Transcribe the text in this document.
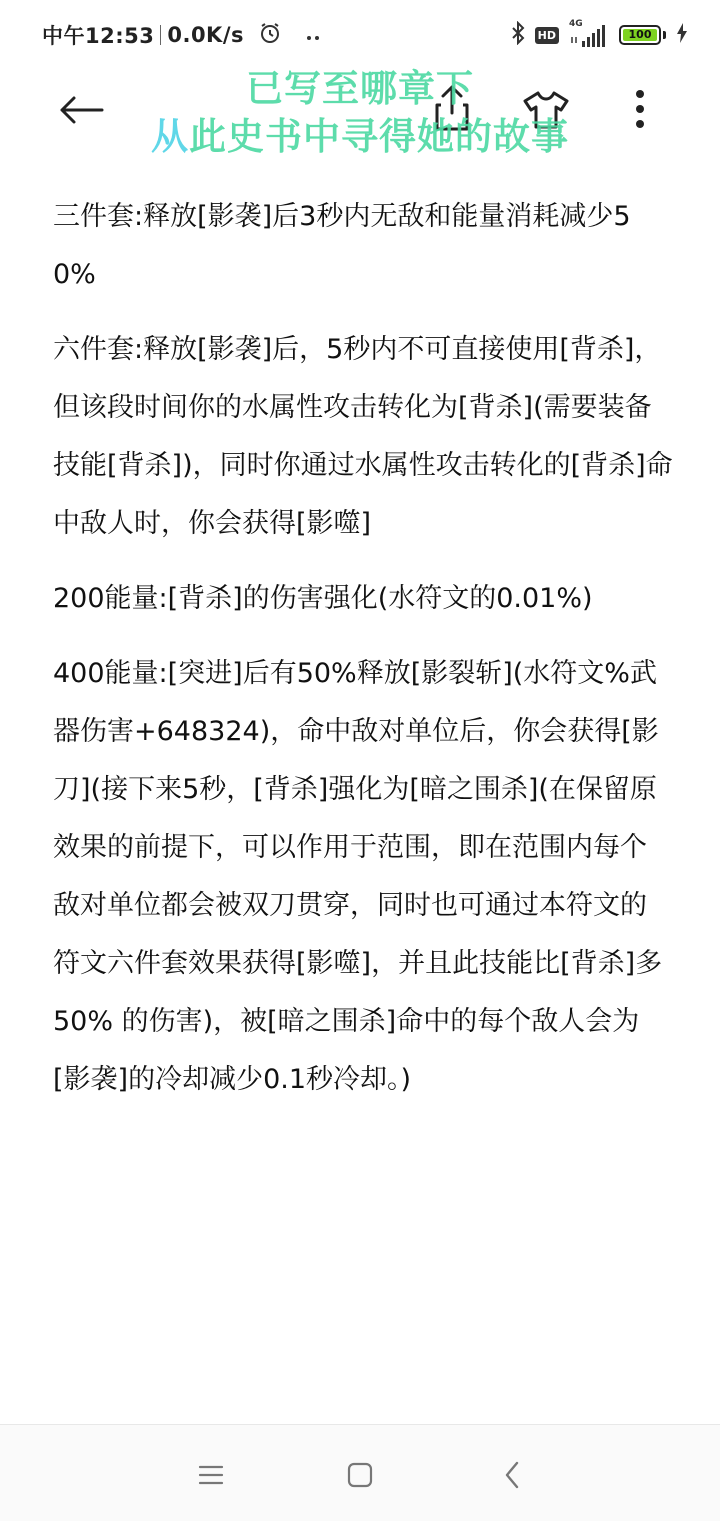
中午12:53 0.0K/s	HD
4G
100
已写至哪章下
从此史书中寻得她的故事

三件套:释放[影袭]后3秒内无敌和能量消耗减少50%

六件套:释放[影袭]后，5秒内不可直接使用[背杀]，但该段时间你的水属性攻击转化为[背杀](需要装备技能[背杀])，同时你通过水属性攻击转化的[背杀]命中敌人时，你会获得[影噬]

200能量:[背杀]的伤害强化(水符文的0.01%)

400能量:[突进]后有50%释放[影裂斩](水符文%武器伤害+648324)，命中敌对单位后，你会获得[影刀](接下来5秒，[背杀]强化为[暗之围杀](在保留原效果的前提下，可以作用于范围，即在范围内每个敌对单位都会被双刀贯穿，同时也可通过本符文的符文六件套效果获得[影噬]，并且此技能比[背杀]多50% 的伤害)，被[暗之围杀]命中的每个敌人会为[影袭]的冷却减少0.1秒冷却。)
